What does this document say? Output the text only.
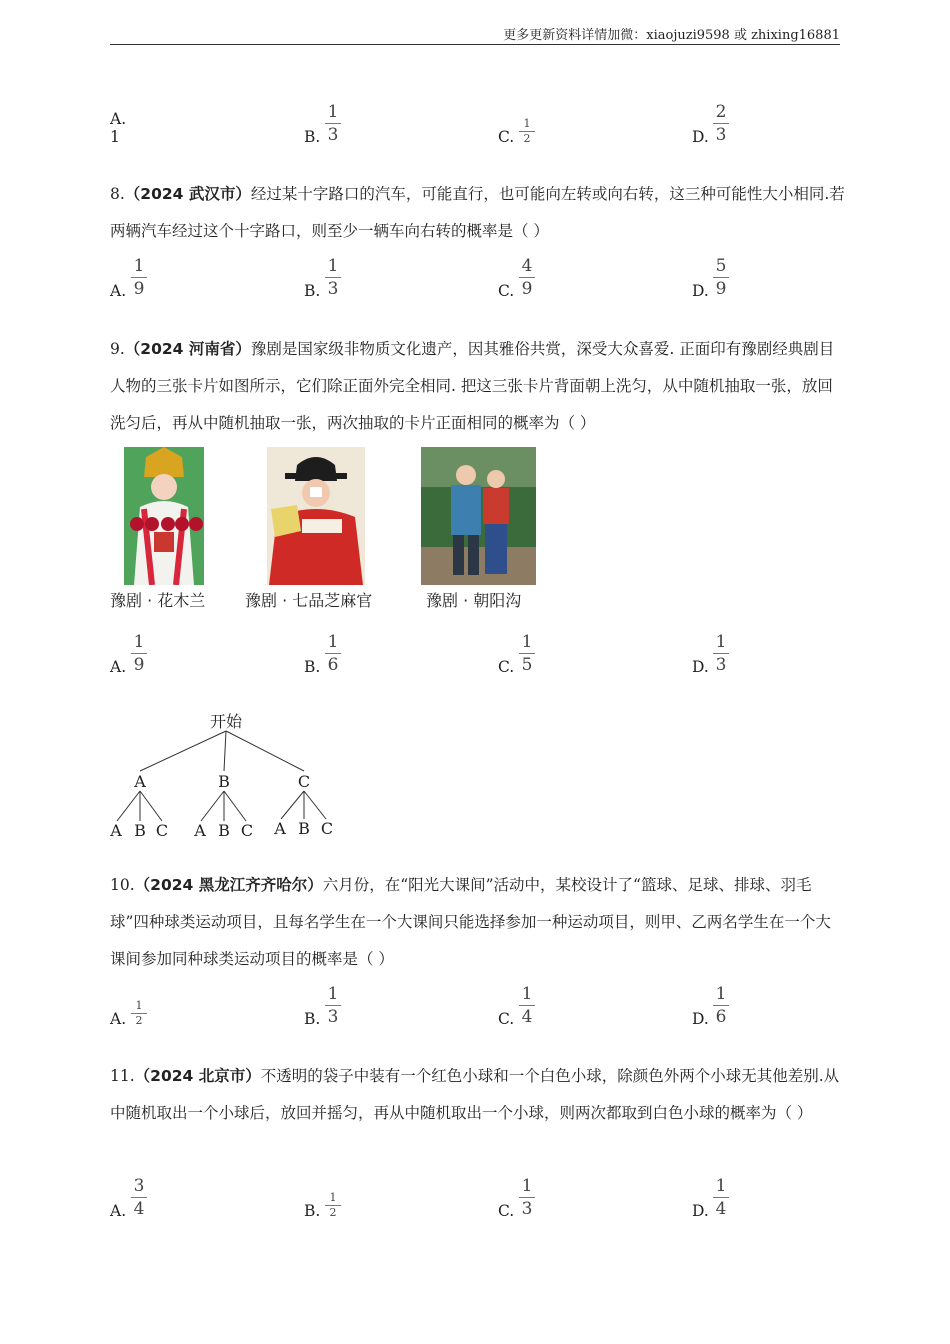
更多更新资料详情加微：xiaojuzi9598 或 zhixing16881
A. 1	B.
1
3	C.
1
2	D.
2
3
8.（2024 武汉市）经过某十字路口的汽车，可能直行，也可能向左转或向右转，这三种可能性大小相同.若两辆汽车经过这个十字路口，则至少一辆车向右转的概率是（ ）
A.
1
9	B.
1
3	C.
4
9	D.
5
9
9.（2024 河南省）豫剧是国家级非物质文化遗产，因其雅俗共赏，深受大众喜爱. 正面印有豫剧经典剧目人物的三张卡片如图所示，它们除正面外完全相同. 把这三张卡片背面朝上洗匀，从中随机抽取一张，放回洗匀后，再从中随机抽取一张，两次抽取的卡片正面相同的概率为（ ）
豫剧 · 花木兰 豫剧 · 七品芝麻官	豫剧 · 朝阳沟
A.
1
9	B.
1
6	C.
1
5	D.
1
3
开始
A	B	C
A B C A B C A B C
10.（2024 黑龙江齐齐哈尔）六月份，在“阳光大课间”活动中，某校设计了“篮球、足球、排球、羽毛球”四种球类运动项目，且每名学生在一个大课间只能选择参加一种运动项目，则甲、乙两名学生在一个大课间参加同种球类运动项目的概率是（ ）
A.
1
2	B.
1
3	C.
1
4	D.
1
6
11.（2024 北京市）不透明的袋子中装有一个红色小球和一个白色小球，除颜色外两个小球无其他差别.从中随机取出一个小球后，放回并摇匀，再从中随机取出一个小球，则两次都取到白色小球的概率为（ ）
A.
3
4	B.
1
2	C.
1
3	D.
1
4
